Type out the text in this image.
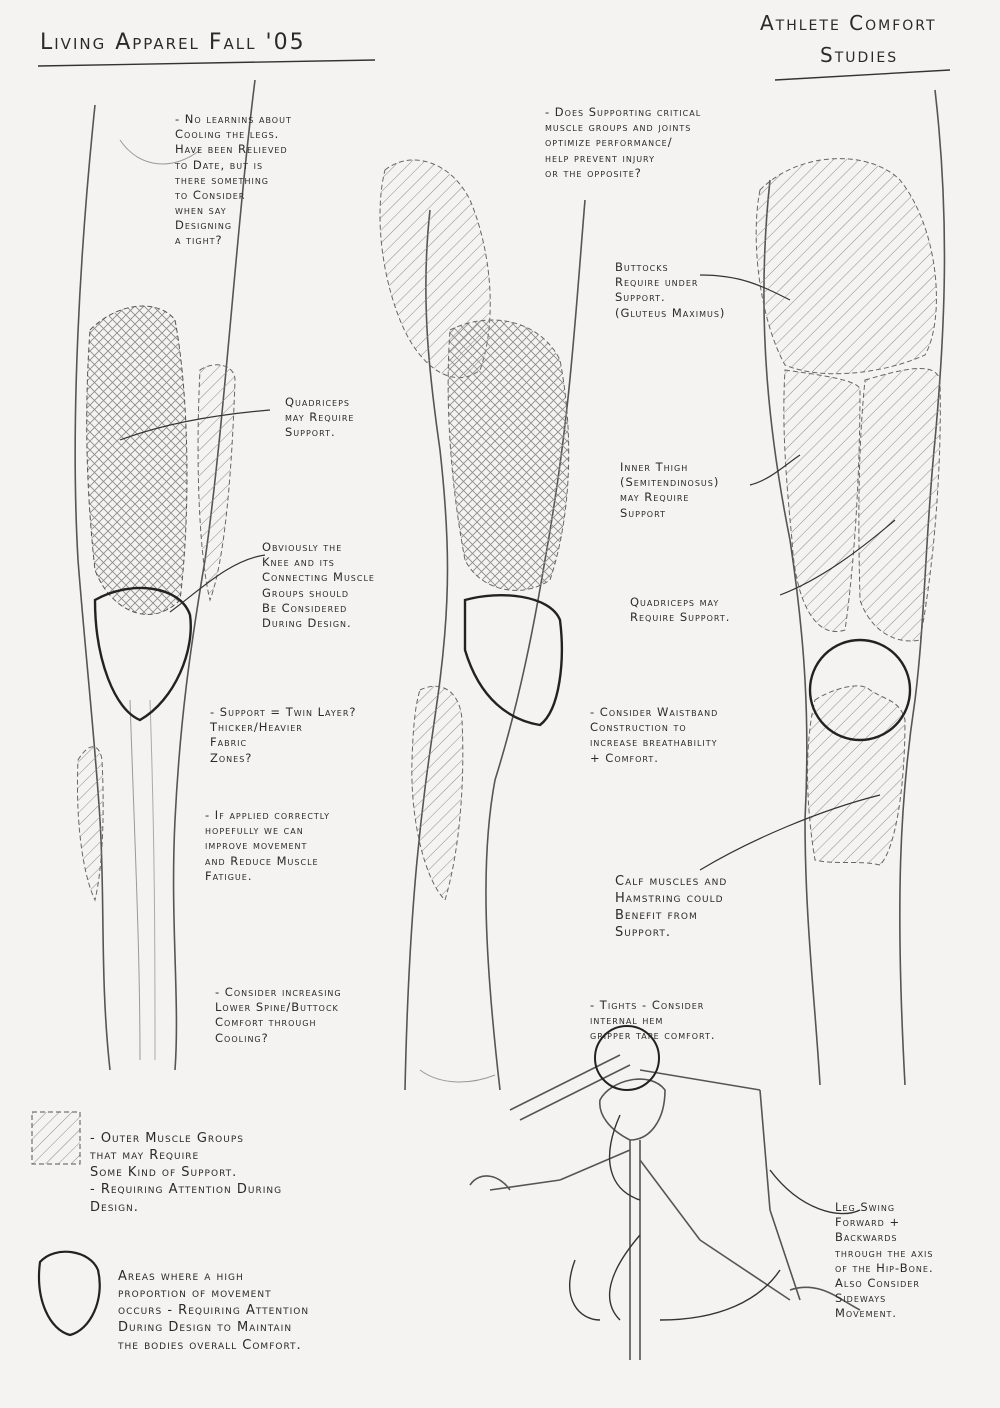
Living Apparel Fall '05
Athlete Comfort
Studies
- No learnins about
Cooling the legs.
Have been Relieved
to Date, but is
there something
to Consider
when say
Designing
a tight?
Quadriceps
may Require
Support.
Obviously the
Knee and its
Connecting Muscle
Groups should
Be Considered
During Design.
- Support = Twin Layer?
Thicker/Heavier
Fabric
Zones?
- If applied correctly
hopefully we can
improve movement
and Reduce Muscle
Fatigue.
- Consider increasing
Lower Spine/Buttock
Comfort through
Cooling?
- Does Supporting critical
muscle groups and joints
optimize performance/
help prevent injury
or the opposite?
Buttocks
Require under
Support.
(Gluteus Maximus)
Inner Thigh
(Semitendinosus)
may Require
Support
Quadriceps may
Require Support.
- Consider Waistband
Construction to
increase breathability
+ Comfort.
Calf muscles and
Hamstring could
Benefit from
Support.
- Tights - Consider
internal hem
gripper tape comfort.
Leg Swing
Forward +
Backwards
through the axis
of the Hip-Bone.
Also Consider
Sideways
Movement.
- Outer Muscle Groups
that may Require
Some Kind of Support.
- Requiring Attention During
Design.
Areas where a high
proportion of movement
occurs - Requiring Attention
During Design to Maintain
the bodies overall Comfort.
